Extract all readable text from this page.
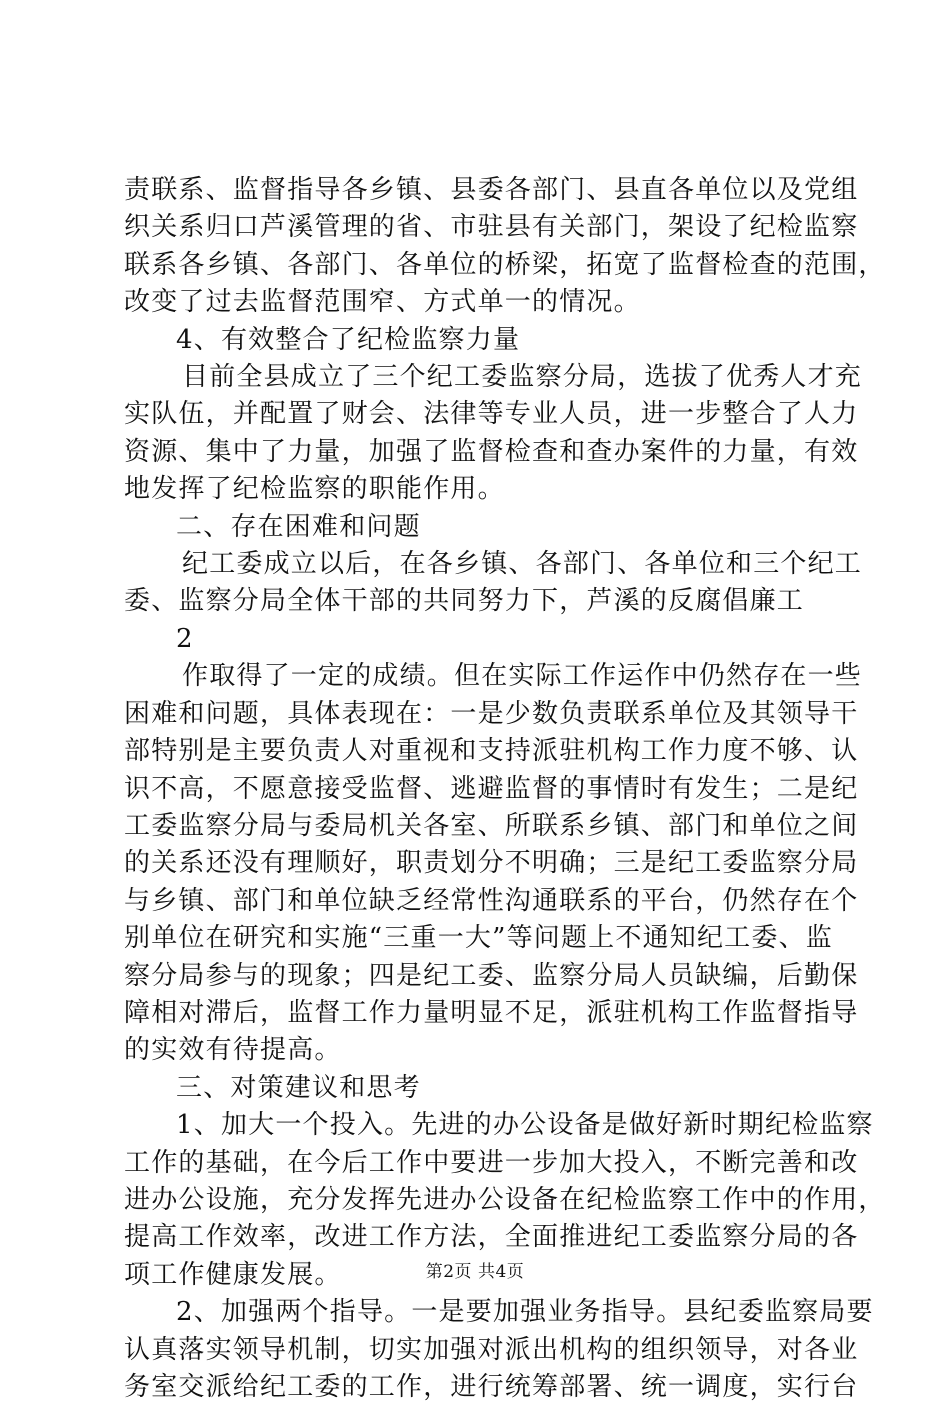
责联系、监督指导各乡镇、县委各部门、县直各单位以及党组
织关系归口芦溪管理的省、市驻县有关部门，架设了纪检监察
联系各乡镇、各部门、各单位的桥梁，拓宽了监督检查的范围，
改变了过去监督范围窄、方式单一的情况。
4、有效整合了纪检监察力量
目前全县成立了三个纪工委监察分局，选拔了优秀人才充
实队伍，并配置了财会、法律等专业人员，进一步整合了人力
资源、集中了力量，加强了监督检查和查办案件的力量，有效
地发挥了纪检监察的职能作用。
二、存在困难和问题
纪工委成立以后，在各乡镇、各部门、各单位和三个纪工
委、监察分局全体干部的共同努力下，芦溪的反腐倡廉工
2
作取得了一定的成绩。但在实际工作运作中仍然存在一些
困难和问题，具体表现在：一是少数负责联系单位及其领导干
部特别是主要负责人对重视和支持派驻机构工作力度不够、认
识不高，不愿意接受监督、逃避监督的事情时有发生；二是纪
工委监察分局与委局机关各室、所联系乡镇、部门和单位之间
的关系还没有理顺好，职责划分不明确；三是纪工委监察分局
与乡镇、部门和单位缺乏经常性沟通联系的平台，仍然存在个
别单位在研究和实施“三重一大”等问题上不通知纪工委、监
察分局参与的现象；四是纪工委、监察分局人员缺编，后勤保
障相对滞后，监督工作力量明显不足，派驻机构工作监督指导
的实效有待提高。
三、对策建议和思考
1、加大一个投入。先进的办公设备是做好新时期纪检监察
工作的基础，在今后工作中要进一步加大投入，不断完善和改
进办公设施，充分发挥先进办公设备在纪检监察工作中的作用，
提高工作效率，改进工作方法，全面推进纪工委监察分局的各
项工作健康发展。
2、加强两个指导。一是要加强业务指导。县纪委监察局要
认真落实领导机制，切实加强对派出机构的组织领导，对各业
务室交派给纪工委的工作，进行统筹部署、统一调度，实行台
第2页 共4页
